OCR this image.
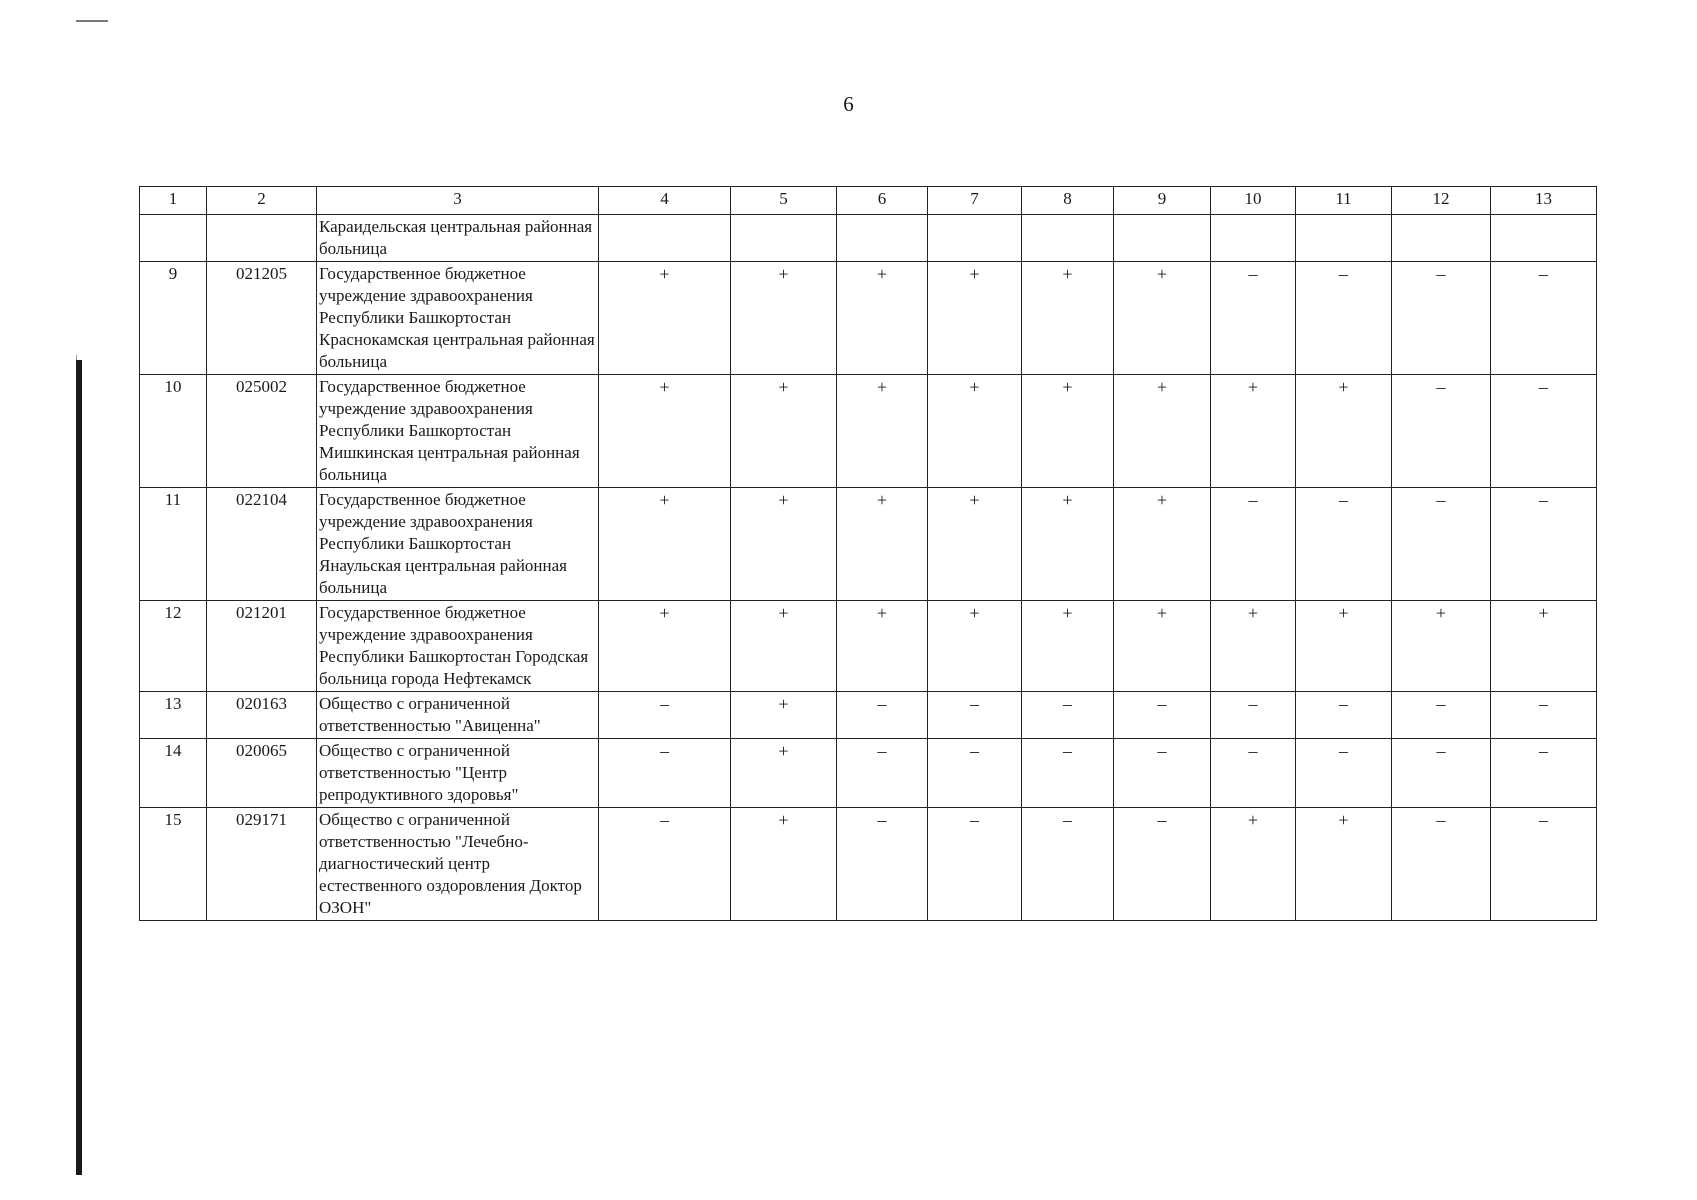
6
1	2	3	4	5	6	7	8	9	10	11	12	13
		Караидельская центральная районная больница										
9	021205	Государственное бюджетное учреждение здравоохранения Республики Башкортостан Краснокамская центральная районная больница	+	+	+	+	+	+	–	–	–	–
10	025002	Государственное бюджетное учреждение здравоохранения Республики Башкортостан Мишкинская центральная районная больница	+	+	+	+	+	+	+	+	–	–
11	022104	Государственное бюджетное учреждение здравоохранения Республики Башкортостан Янаульская центральная районная больница	+	+	+	+	+	+	–	–	–	–
12	021201	Государственное бюджетное учреждение здравоохранения Республики Башкортостан Городская больница города Нефтекамск	+	+	+	+	+	+	+	+	+	+
13	020163	Общество с ограниченной ответственностью "Авиценна"	–	+	–	–	–	–	–	–	–	–
14	020065	Общество с ограниченной ответственностью "Центр репродуктивного здоровья"	–	+	–	–	–	–	–	–	–	–
15	029171	Общество с ограниченной ответственностью "Лечебно-диагностический центр естественного оздоровления Доктор ОЗОН"	–	+	–	–	–	–	+	+	–	–
